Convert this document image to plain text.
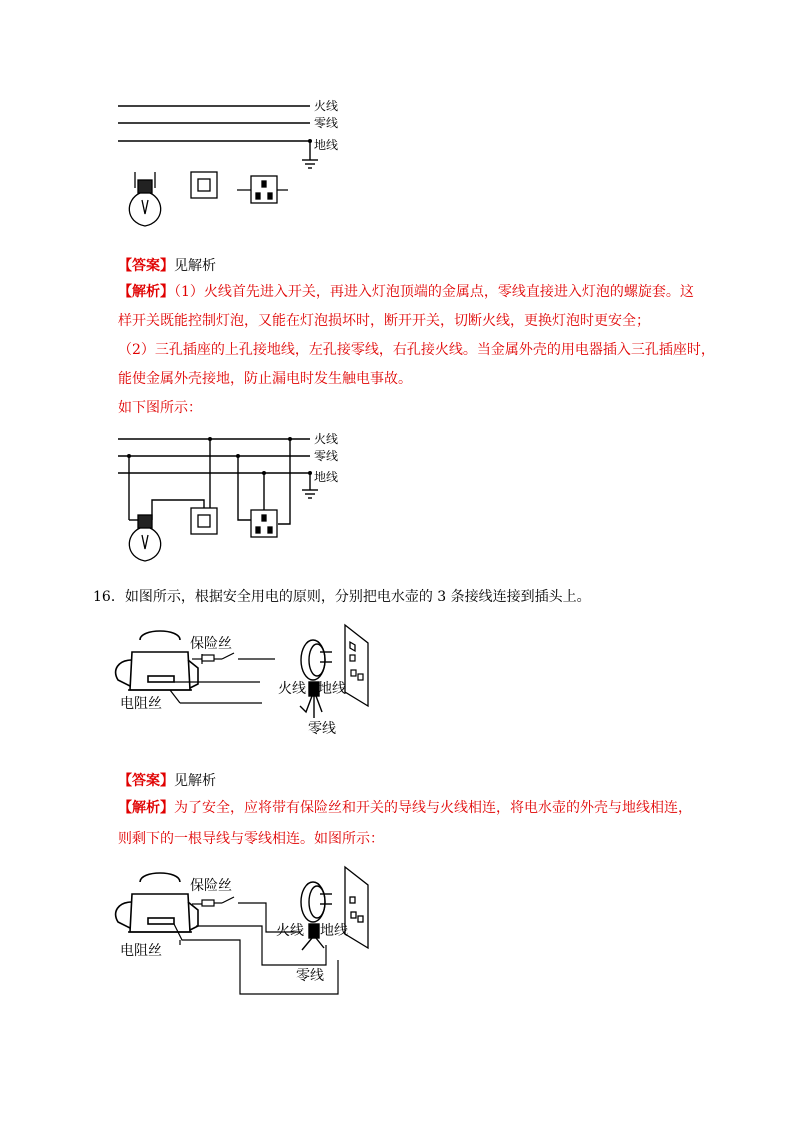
火线
零线
地线
【答案】见解析
【解析】（1）火线首先进入开关，再进入灯泡顶端的金属点，零线直接进入灯泡的螺旋套。这
样开关既能控制灯泡，又能在灯泡损坏时，断开开关，切断火线，更换灯泡时更安全；
（2）三孔插座的上孔接地线，左孔接零线，右孔接火线。当金属外壳的用电器插入三孔插座时，
能使金属外壳接地，防止漏电时发生触电事故。
如下图所示：
火线
零线
地线
16．如图所示，根据安全用电的原则，分别把电水壶的 3 条接线连接到插头上。
保险丝
电阻丝
火线 地线
零线
【答案】见解析
【解析】为了安全，应将带有保险丝和开关的导线与火线相连，将电水壶的外壳与地线相连，
则剩下的一根导线与零线相连。如图所示：
保险丝
电阻丝
火线 地线
零线
